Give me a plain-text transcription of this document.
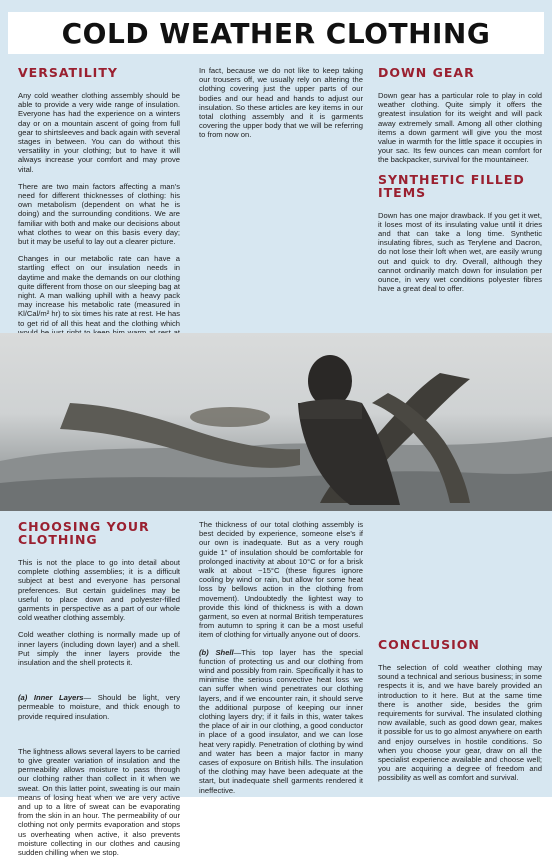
COLD WEATHER CLOTHING
VERSATILITY

Any cold weather clothing assembly should be able to provide a very wide range of insulation. Everyone has had the experience on a winters day or on a mountain ascent of going from full gear to shirtsleeves and back again with several stages in between. You can do without this versatility in your clothing; but to have it will always increase your comfort and may prove vital.

There are two main factors affecting a man's need for different thicknesses of clothing: his own metabolism (dependent on what he is doing) and the surrounding conditions. We are familiar with both and make our decisions about what clothes to wear on this basis every day; but it may be useful to lay out a clearer picture.

Changes in our metabolic rate can have a startling effect on our insulation needs in daytime and make the demands on our clothing quite different from those on our sleeping bag at night. A man walking uphill with a heavy pack may increase his metabolic rate (measured in Kl/Cal/m² hr) to six times his rate at rest. He has to get rid of all this heat and the clothing which

In fact, because we do not like to keep taking our trousers off, we usually rely on altering the clothing covering just the upper parts of our bodies and our head and hands to adjust our insulation. So these articles are key items in our total clothing assembly and it is garments covering the upper body that we will be referring to from now on.

DOWN GEAR

Down gear has a particular role to play in cold weather clothing. Quite simply it offers the greatest insulation for its weight and will pack away extremely small. Among all other clothing items a down garment will give you the most value in warmth for the little space it occupies in your sac. Its few ounces can mean comfort for the backpacker, survival for the mountaineer.

SYNTHETIC FILLED ITEMS

Down has one major drawback. If you get it wet, it loses most of its insulating value until it dries and that can take a long time. Synthetic insulating fibres, such as Terylene and Dacron, do not lose their loft when wet, are easily wrung out and quick to dry. Overall, although they cannot ordinarily match down for insulation per ounce, in very wet conditions polyester fibres have a great deal to offer.

CHOOSING YOUR CLOTHING

This is not the place to go into detail about complete clothing assemblies; it is a difficult subject at best and everyone has personal preferences. But certain guidelines may be useful to place down and polyester-filled garments in perspective as a part of our whole cold weather clothing assembly.

Cold weather clothing is normally made up of inner layers (including down layer) and a shell. Put simply the inner layers provide the insulation and the shell protects it.

(a) Inner Layers— Should be light, very permeable to moisture, and thick enough to provide required insulation.

The lightness allows several layers to be carried to give greater variation of insulation and the permeability allows moisture to pass through our clothing rather than collect in it when we sweat. On this latter point, sweating is our main means of losing heat when we are very active and up to a litre of sweat can be evaporating from the skin in an hour. The permeability of our clothing not only permits evaporation and stops us overheating when active, it also prevents moisture collecting in our clothes and causing sudden chilling when we stop.

The thickness of our total clothing assembly is best decided by experience, someone else's if our own is inadequate. But as a very rough guide 1" of insulation should be comfortable for prolonged inactivity at about 10°C or for a brisk walk at about −15°C (these figures ignore cooling by wind or rain, but allow for some heat loss by bellows action in the clothing from movement). Undoubtedly the lightest way to provide this kind of thickness is with a down garment, so even at normal British temperatures from autumn to spring it can be a most useful item of clothing for virtually anyone out of doors.

(b) Shell—This top layer has the special function of protecting us and our clothing from wind and possibly from rain. Specifically it has to minimise the serious convective heat loss we can suffer when wind penetrates our clothing layers, and if we encounter rain, it should serve the additional purpose of keeping our inner clothing layers dry; if it fails in this, water takes the place of air in our clothing, a good conductor in place of a good insulator, and we can lose heat very rapidly. Penetration of clothing by wind and water has been a major factor in many cases of exposure on British hills. The insulation of the clothing may have been adequate at the start, but inadequate shell garments rendered it ineffective.

CONCLUSION

The selection of cold weather clothing may sound a technical and serious business; in some respects it is, and we have barely provided an introduction to it here. But at the same time there is another side, besides the grim requirements for survival. The insulated clothing now available, such as good down gear, makes it possible for us to go almost anywhere on earth and enjoy ourselves in hostile conditions. So when you choose your gear, draw on all the specialist experience available and choose well; you are acquiring a degree of freedom and possibility as well as comfort and survival.
